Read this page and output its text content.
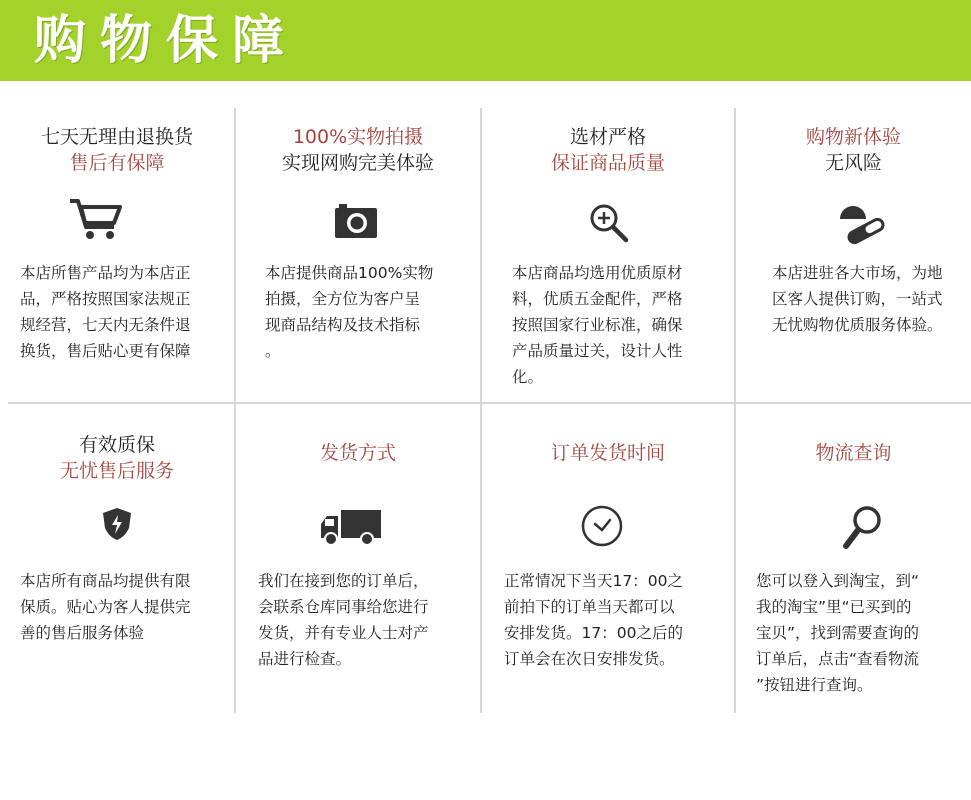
购物保障
七天无理由退换货
售后有保障
本店所售产品均为本店正
品，严格按照国家法规正
规经营，七天内无条件退
换货，售后贴心更有保障
100%实物拍摄
实现网购完美体验
本店提供商品100%实物
拍摄，全方位为客户呈
现商品结构及技术指标
。
选材严格
保证商品质量
本店商品均选用优质原材
料，优质五金配件，严格
按照国家行业标准，确保
产品质量过关，设计人性
化。
购物新体验
无风险
本店进驻各大市场，为地
区客人提供订购，一站式
无忧购物优质服务体验。
有效质保
无忧售后服务
本店所有商品均提供有限
保质。贴心为客人提供完
善的售后服务体验
发货方式
我们在接到您的订单后，
会联系仓库同事给您进行
发货，并有专业人士对产
品进行检查。
订单发货时间
正常情况下当天17：00之
前拍下的订单当天都可以
安排发货。17：00之后的
订单会在次日安排发货。
物流查询
您可以登入到淘宝，到“
我的淘宝”里“已买到的
宝贝”，找到需要查询的
订单后，点击“查看物流
”按钮进行查询。
